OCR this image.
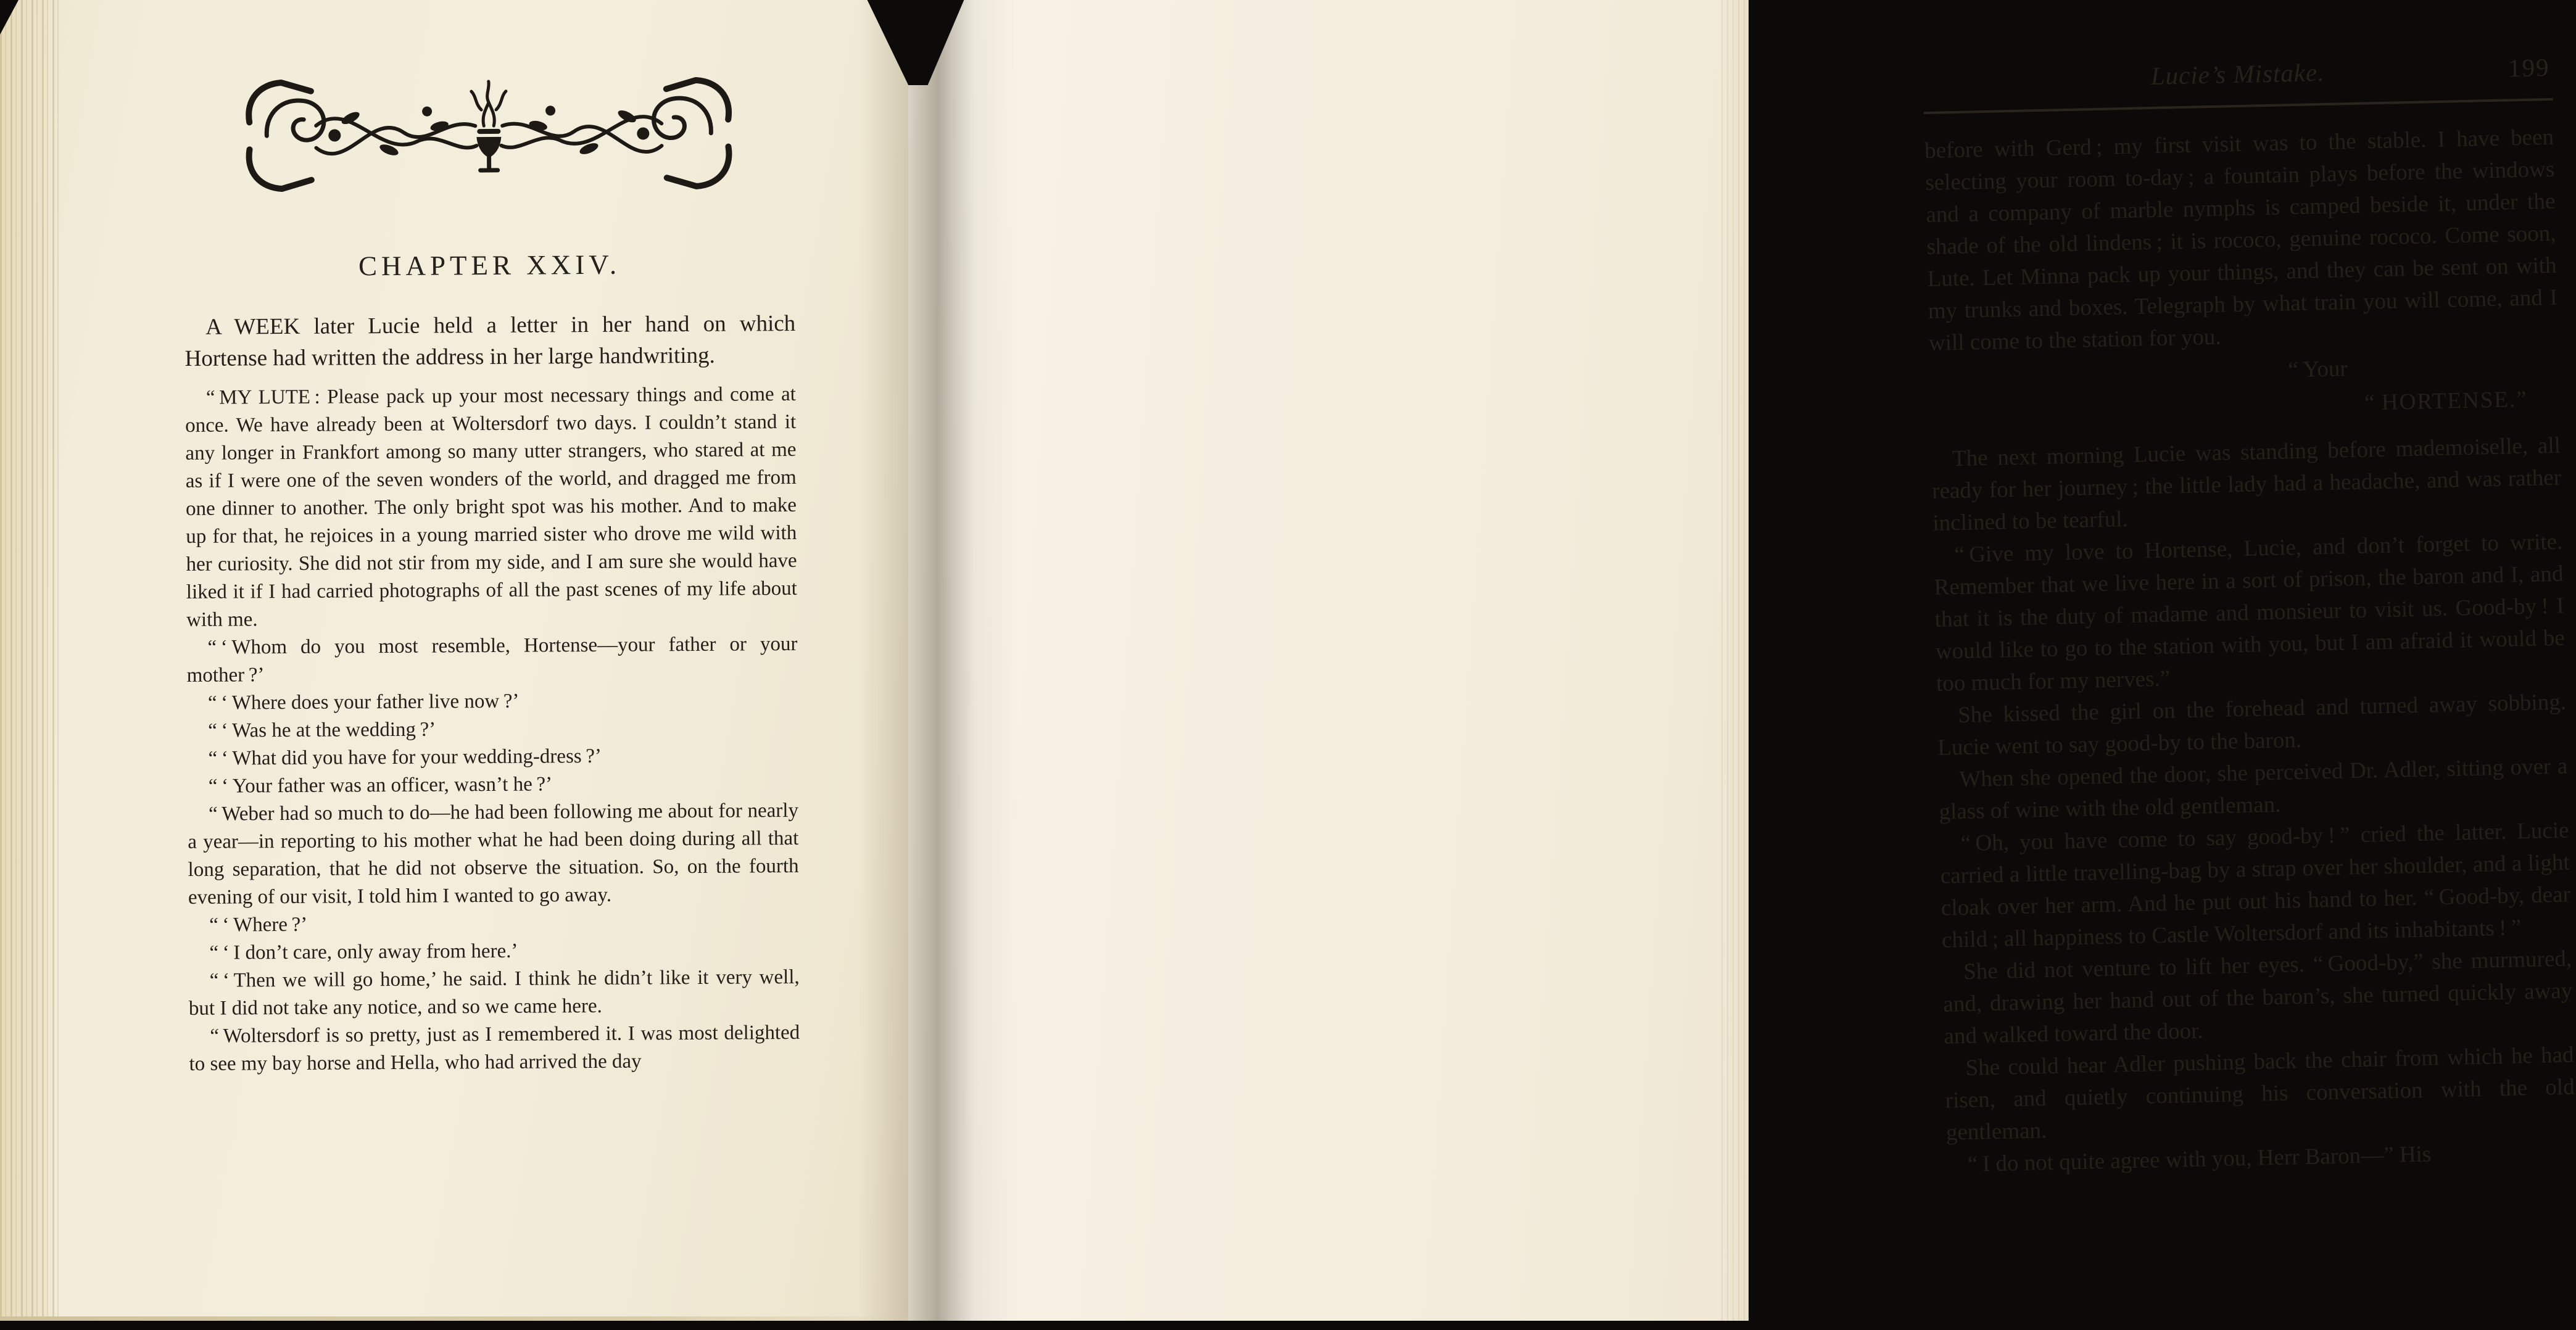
CHAPTER XXIV.

A WEEK later Lucie held a letter in her hand on which Hortense had written the address in her large handwriting.

“ MY LUTE : Please pack up your most necessary things and come at once. We have already been at Woltersdorf two days. I couldn’t stand it any longer in Frankfort among so many utter strangers, who stared at me as if I were one of the seven wonders of the world, and dragged me from one dinner to another. The only bright spot was his mother. And to make up for that, he rejoices in a young married sister who drove me wild with her curiosity. She did not stir from my side, and I am sure she would have liked it if I had carried photographs of all the past scenes of my life about with me.

“ ‘ Whom do you most resemble, Hortense—your father or your mother ?’

“ ‘ Where does your father live now ?’

“ ‘ Was he at the wedding ?’

“ ‘ What did you have for your wedding-dress ?’

“ ‘ Your father was an officer, wasn’t he ?’

“ Weber had so much to do—he had been following me about for nearly a year—in reporting to his mother what he had been doing during all that long separation, that he did not observe the situation. So, on the fourth evening of our visit, I told him I wanted to go away.

“ ‘ Where ?’

“ ‘ I don’t care, only away from here.’

“ ‘ Then we will go home,’ he said. I think he didn’t like it very well, but I did not take any notice, and so we came here.

“ Woltersdorf is so pretty, just as I remembered it. I was most delighted to see my bay horse and Hella, who had arrived the day

Lucie’s Mistake.	199

before with Gerd ; my first visit was to the stable. I have been selecting your room to-day ; a fountain plays before the windows and a company of marble nymphs is camped beside it, under the shade of the old lindens ; it is rococo, genuine rococo. Come soon, Lute. Let Minna pack up your things, and they can be sent on with my trunks and boxes. Telegraph by what train you will come, and I will come to the station for you.

“ Your

“ HORTENSE.”

The next morning Lucie was standing before mademoiselle, all ready for her journey ; the little lady had a headache, and was rather inclined to be tearful.

“ Give my love to Hortense, Lucie, and don’t forget to write. Remember that we live here in a sort of prison, the baron and I, and that it is the duty of madame and monsieur to visit us. Good-by ! I would like to go to the station with you, but I am afraid it would be too much for my nerves.”

She kissed the girl on the forehead and turned away sobbing. Lucie went to say good-by to the baron.

When she opened the door, she perceived Dr. Adler, sitting over a glass of wine with the old gentleman.

“ Oh, you have come to say good-by ! ” cried the latter. Lucie carried a little travelling-bag by a strap over her shoulder, and a light cloak over her arm. And he put out his hand to her. “ Good-by, dear child ; all happiness to Castle Woltersdorf and its inhabitants ! ”

She did not venture to lift her eyes. “ Good-by,” she murmured, and, drawing her hand out of the baron’s, she turned quickly away and walked toward the door.

She could hear Adler pushing back the chair from which he had risen, and quietly continuing his conversation with the old gentleman.

“ I do not quite agree with you, Herr Baron—” His
